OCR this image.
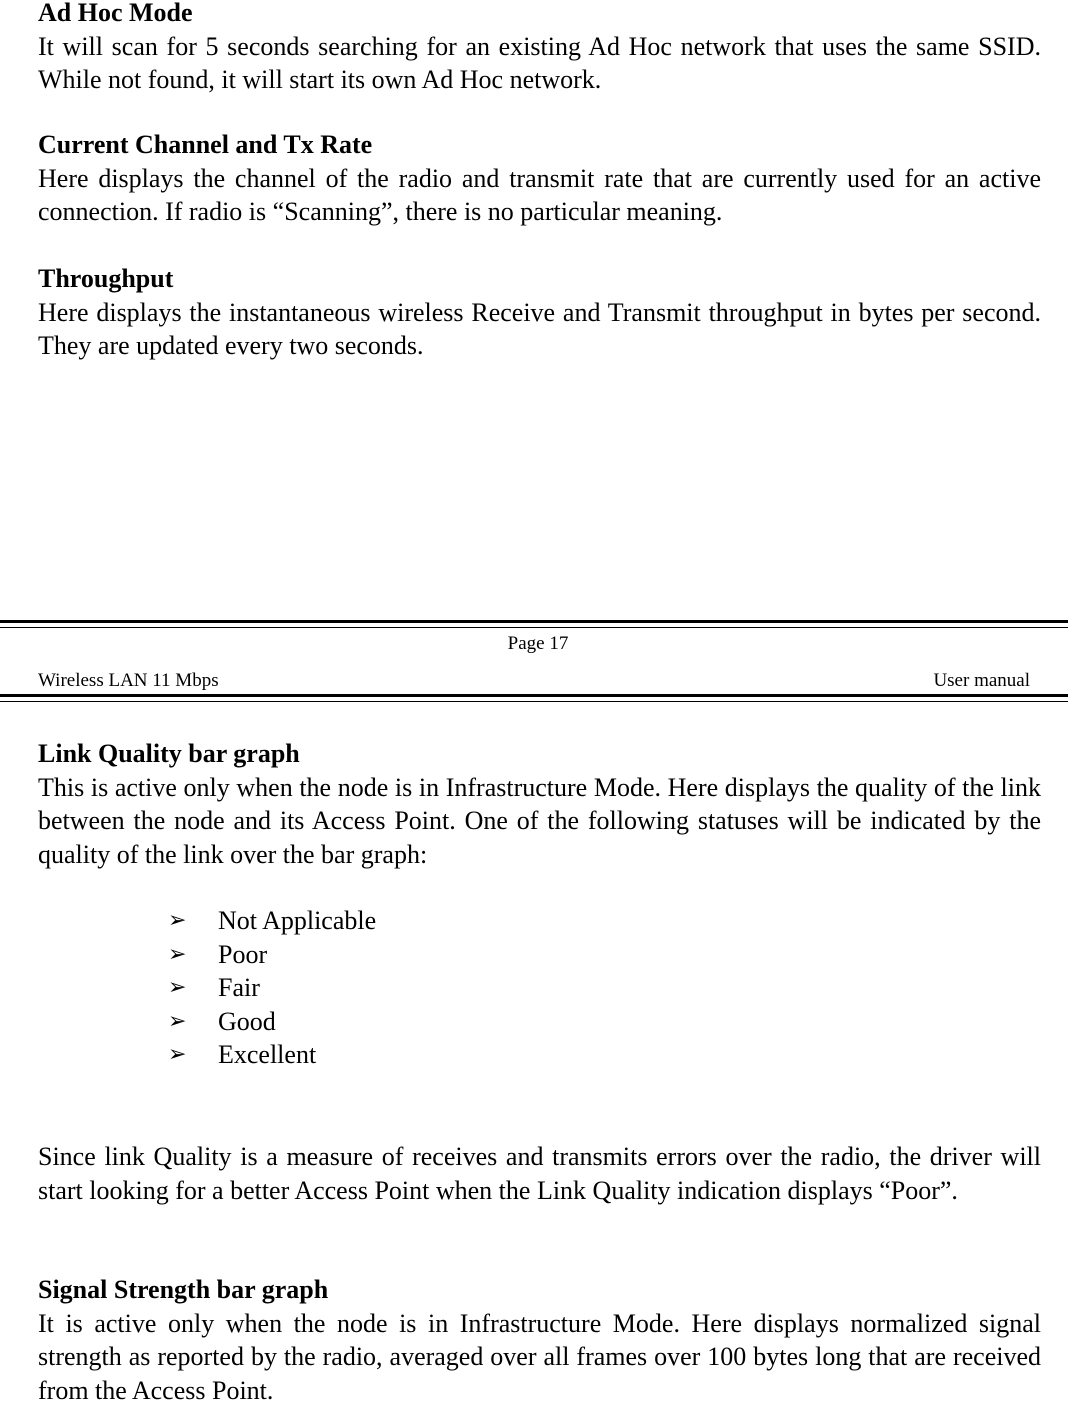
Ad Hoc Mode
It will scan for 5 seconds searching for an existing Ad Hoc network that uses the same SSID. While not found, it will start its own Ad Hoc network.
Current Channel and Tx Rate
Here displays the channel of the radio and transmit rate that are currently used for an active connection. If radio is “Scanning”, there is no particular meaning.
Throughput
Here displays the instantaneous wireless Receive and Transmit throughput in bytes per second. They are updated every two seconds.
Page 17
Wireless LAN 11 Mbps	User manual
Link Quality bar graph
This is active only when the node is in Infrastructure Mode. Here displays the quality of the link between the node and its Access Point. One of the following statuses will be indicated by the quality of the link over the bar graph:
➢	Not Applicable
➢	Poor
➢	Fair
➢	Good
➢	Excellent
Since link Quality is a measure of receives and transmits errors over the radio, the driver will start looking for a better Access Point when the Link Quality indication displays “Poor”.
Signal Strength bar graph
It is active only when the node is in Infrastructure Mode. Here displays normalized signal strength as reported by the radio, averaged over all frames over 100 bytes long that are received from the Access Point.
